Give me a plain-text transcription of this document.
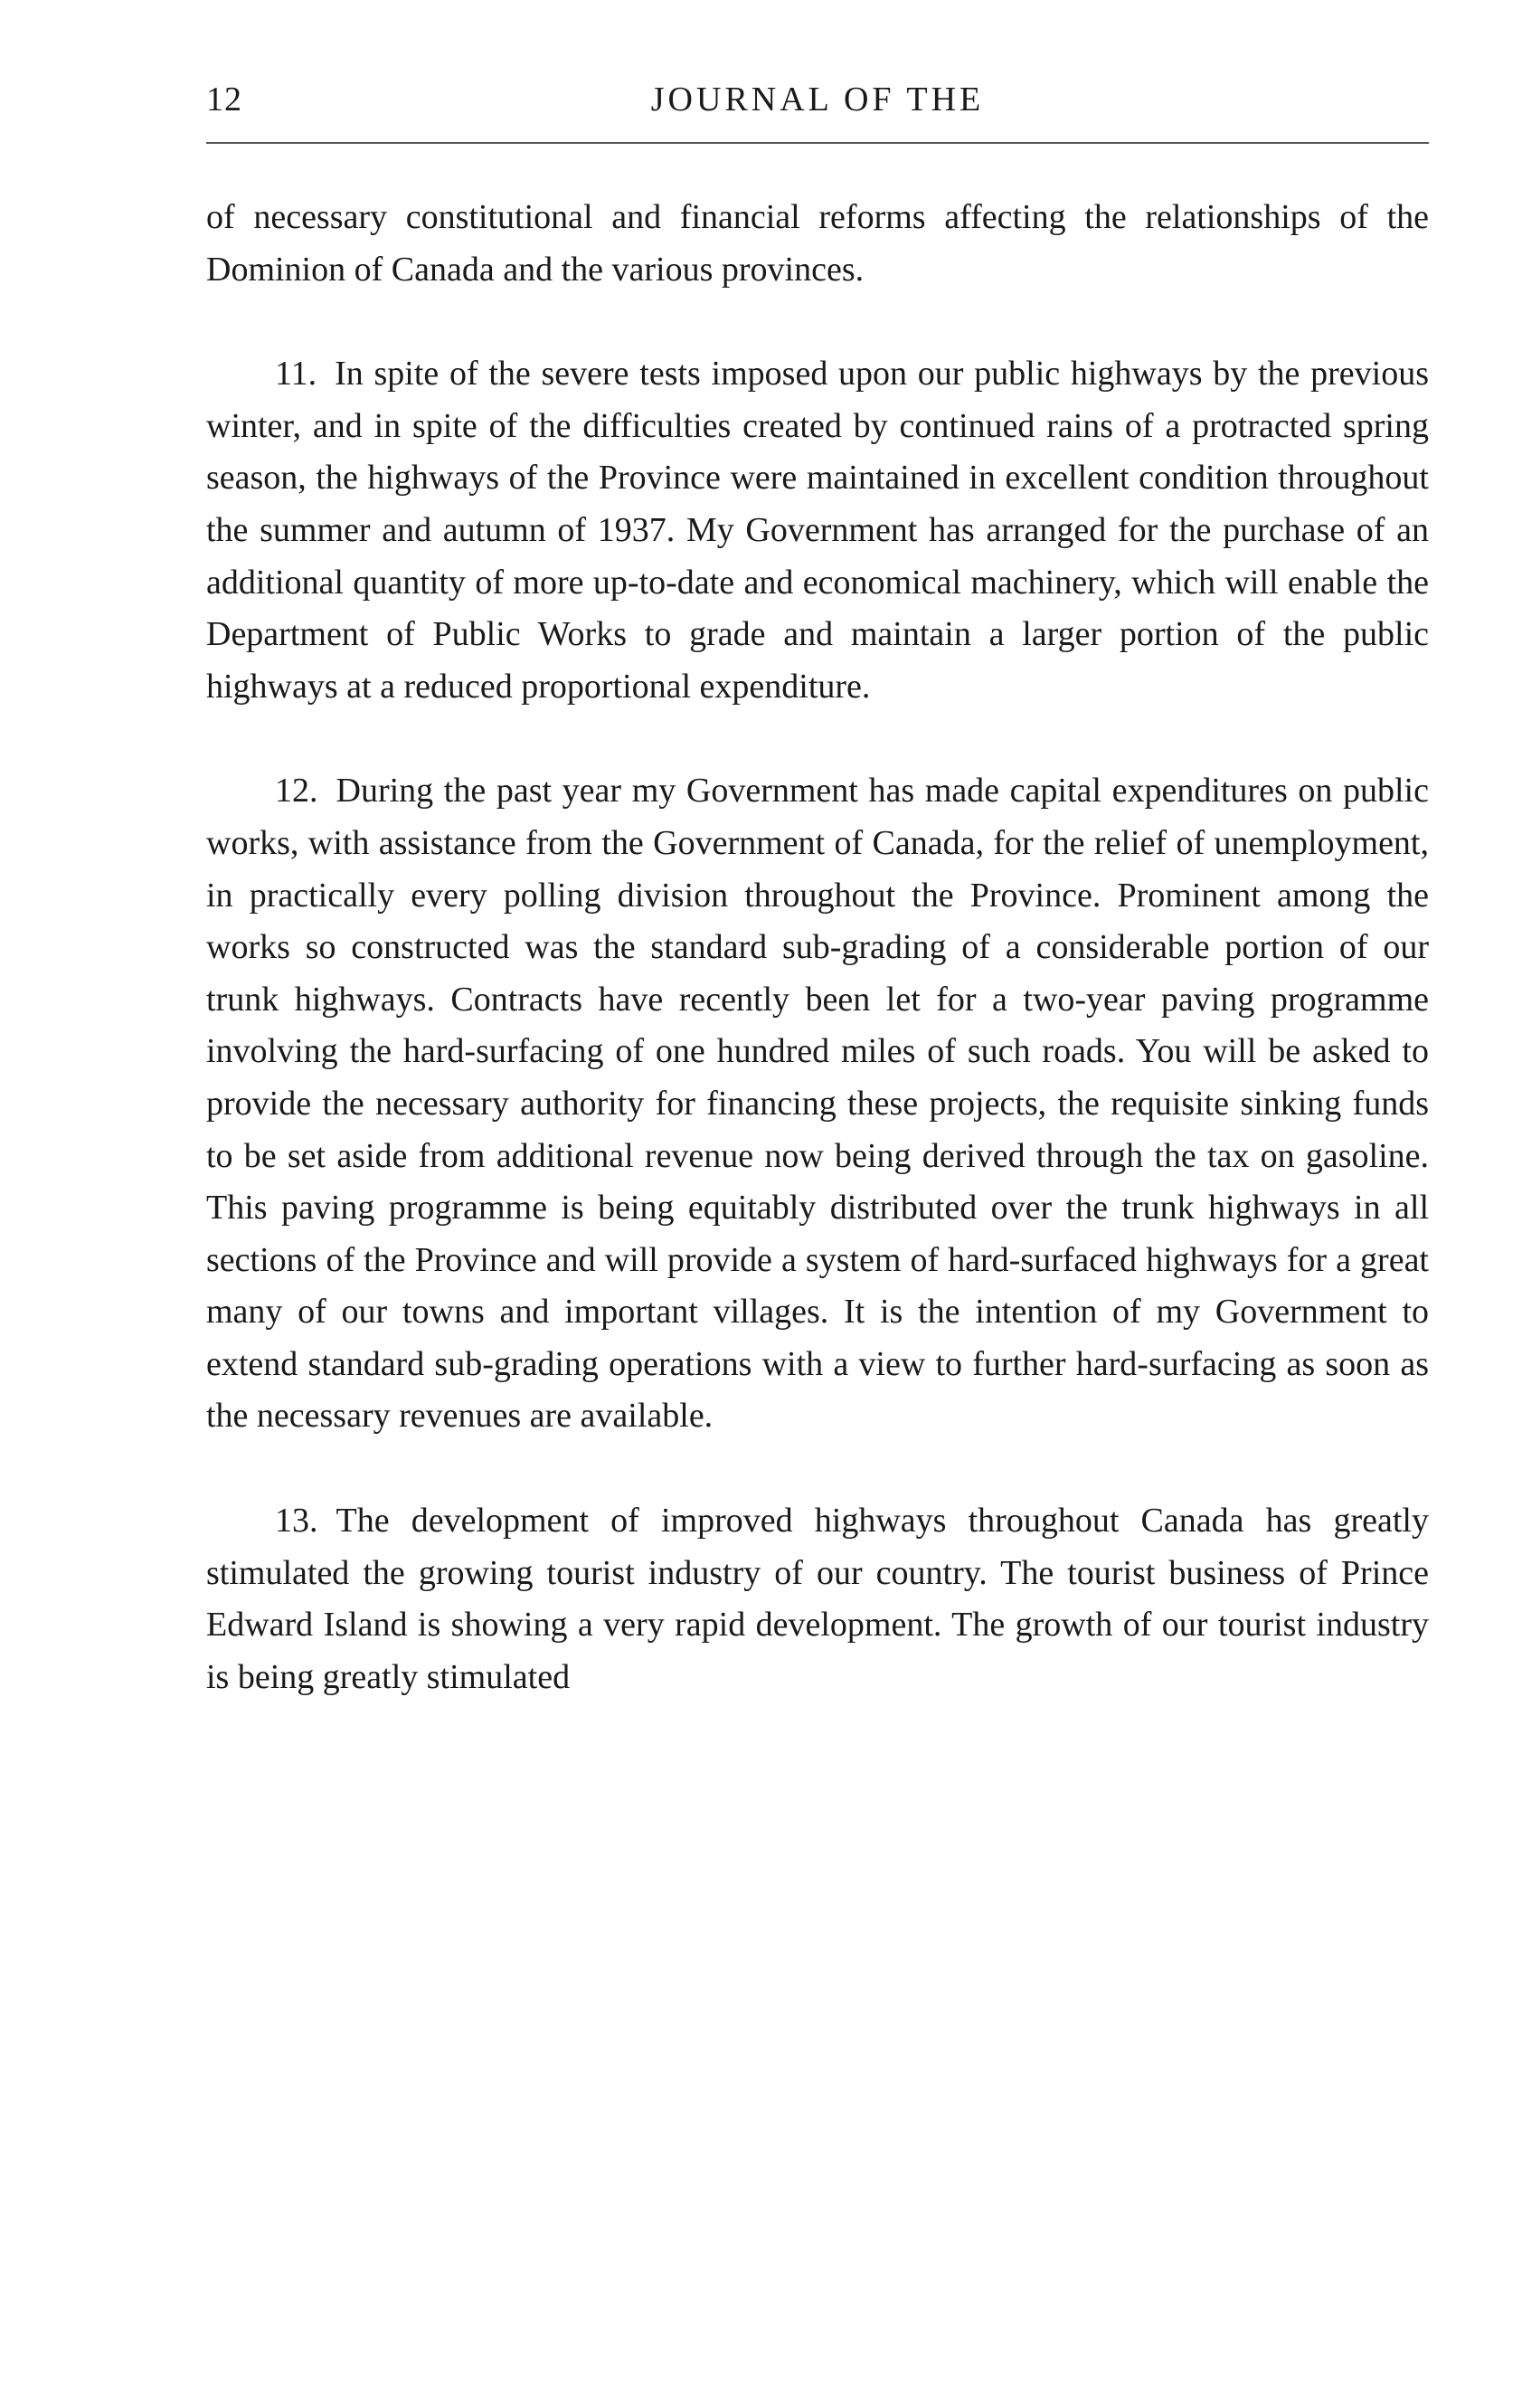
12	JOURNAL OF THE

of necessary constitutional and financial reforms affecting the relationships of the Dominion of Canada and the various provinces.

11. In spite of the severe tests imposed upon our public highways by the previous winter, and in spite of the difficulties created by continued rains of a protracted spring season, the highways of the Province were maintained in excellent condition throughout the summer and autumn of 1937. My Government has arranged for the purchase of an additional quantity of more up-to-date and economical machinery, which will enable the Department of Public Works to grade and maintain a larger portion of the public highways at a reduced proportional expenditure.

12. During the past year my Government has made capital expenditures on public works, with assistance from the Government of Canada, for the relief of unemployment, in practically every polling division throughout the Province. Prominent among the works so constructed was the standard sub-grading of a considerable portion of our trunk highways. Contracts have recently been let for a two-year paving programme involving the hard-surfacing of one hundred miles of such roads. You will be asked to provide the necessary authority for financing these projects, the requisite sinking funds to be set aside from additional revenue now being derived through the tax on gasoline. This paving programme is being equitably distributed over the trunk highways in all sections of the Province and will provide a system of hard-surfaced highways for a great many of our towns and important villages. It is the intention of my Government to extend standard sub-grading operations with a view to further hard-surfacing as soon as the necessary revenues are available.

13. The development of improved highways throughout Canada has greatly stimulated the growing tourist industry of our country. The tourist business of Prince Edward Island is showing a very rapid development. The growth of our tourist industry is being greatly stimulated
